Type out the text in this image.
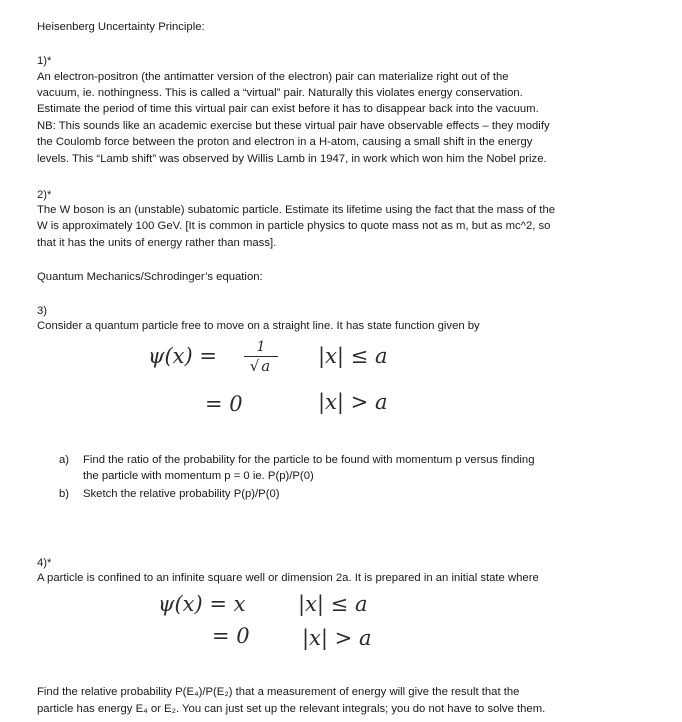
Heisenberg Uncertainty Principle:
1)*
An electron-positron (the antimatter version of the electron) pair can materialize right out of the
vacuum, ie. nothingness. This is called a “virtual” pair. Naturally this violates energy conservation.
Estimate the period of time this virtual pair can exist before it has to disappear back into the vacuum.
NB: This sounds like an academic exercise but these virtual pair have observable effects – they modify
the Coulomb force between the proton and electron in a H-atom, causing a small shift in the energy
levels. This “Lamb shift” was observed by Willis Lamb in 1947, in work which won him the Nobel prize.
2)*
The W boson is an (unstable) subatomic particle. Estimate its lifetime using the fact that the mass of the
W is approximately 100 GeV. [It is common in particle physics to quote mass not as m, but as mc^2, so
that it has the units of energy rather than mass].
Quantum Mechanics/Schrodinger’s equation:
3)
Consider a quantum particle free to move on a straight line. It has state function given by
ψ(x) =	1
√ a	|x| ≤ a
= 0	|x| > a
a) Find the ratio of the probability for the particle to be found with momentum p versus finding
the particle with momentum p = 0 ie. P(p)/P(0)
b) Sketch the relative probability P(p)/P(0)
4)*
A particle is confined to an infinite square well or dimension 2a. It is prepared in an initial state where
ψ(x) = x	|x| ≤ a
= 0 |x| > a
Find the relative probability P(E₄)/P(E₂) that a measurement of energy will give the result that the
particle has energy E₄ or E₂. You can just set up the relevant integrals; you do not have to solve them.
